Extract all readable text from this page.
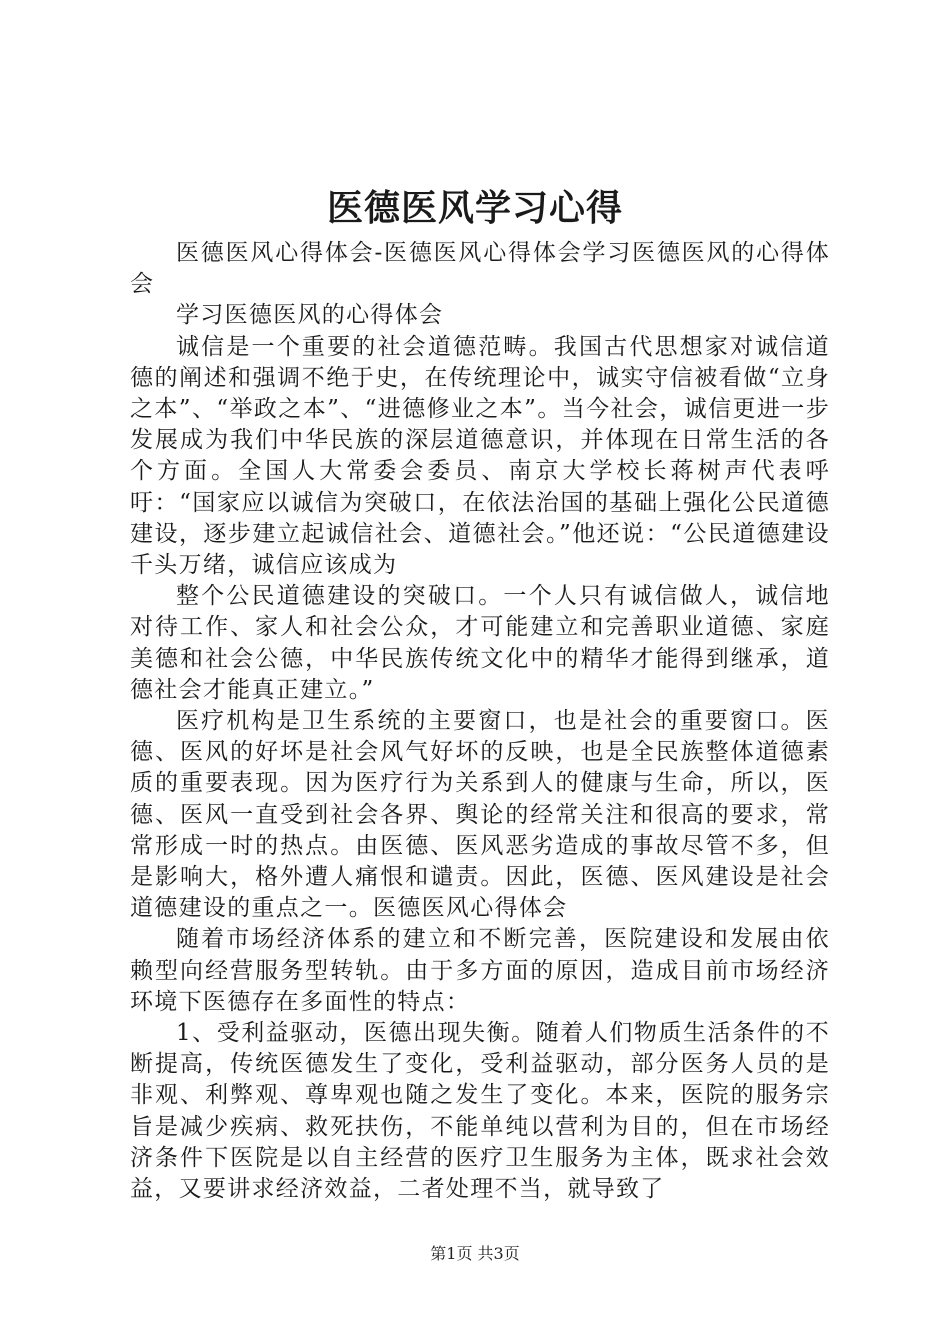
医德医风学习心得

医德医风心得体会-医德医风心得体会学习医德医风的心得体会

学习医德医风的心得体会

诚信是一个重要的社会道德范畴。我国古代思想家对诚信道德的阐述和强调不绝于史，在传统理论中，诚实守信被看做“立身之本”、“举政之本”、“进德修业之本”。当今社会，诚信更进一步发展成为我们中华民族的深层道德意识，并体现在日常生活的各个方面。全国人大常委会委员、南京大学校长蒋树声代表呼吁：“国家应以诚信为突破口，在依法治国的基础上强化公民道德建设，逐步建立起诚信社会、道德社会。”他还说：“公民道德建设千头万绪，诚信应该成为

整个公民道德建设的突破口。一个人只有诚信做人，诚信地对待工作、家人和社会公众，才可能建立和完善职业道德、家庭美德和社会公德，中华民族传统文化中的精华才能得到继承，道德社会才能真正建立。”

医疗机构是卫生系统的主要窗口，也是社会的重要窗口。医德、医风的好坏是社会风气好坏的反映，也是全民族整体道德素质的重要表现。因为医疗行为关系到人的健康与生命，所以，医德、医风一直受到社会各界、舆论的经常关注和很高的要求，常常形成一时的热点。由医德、医风恶劣造成的事故尽管不多，但是影响大，格外遭人痛恨和谴责。因此，医德、医风建设是社会道德建设的重点之一。医德医风心得体会

随着市场经济体系的建立和不断完善，医院建设和发展由依赖型向经营服务型转轨。由于多方面的原因，造成目前市场经济环境下医德存在多面性的特点：

1、受利益驱动，医德出现失衡。随着人们物质生活条件的不断提高，传统医德发生了变化，受利益驱动，部分医务人员的是非观、利弊观、尊卑观也随之发生了变化。本来，医院的服务宗旨是减少疾病、救死扶伤，不能单纯以营利为目的，但在市场经济条件下医院是以自主经营的医疗卫生服务为主体，既求社会效益，又要讲求经济效益，二者处理不当，就导致了

第1页 共3页
